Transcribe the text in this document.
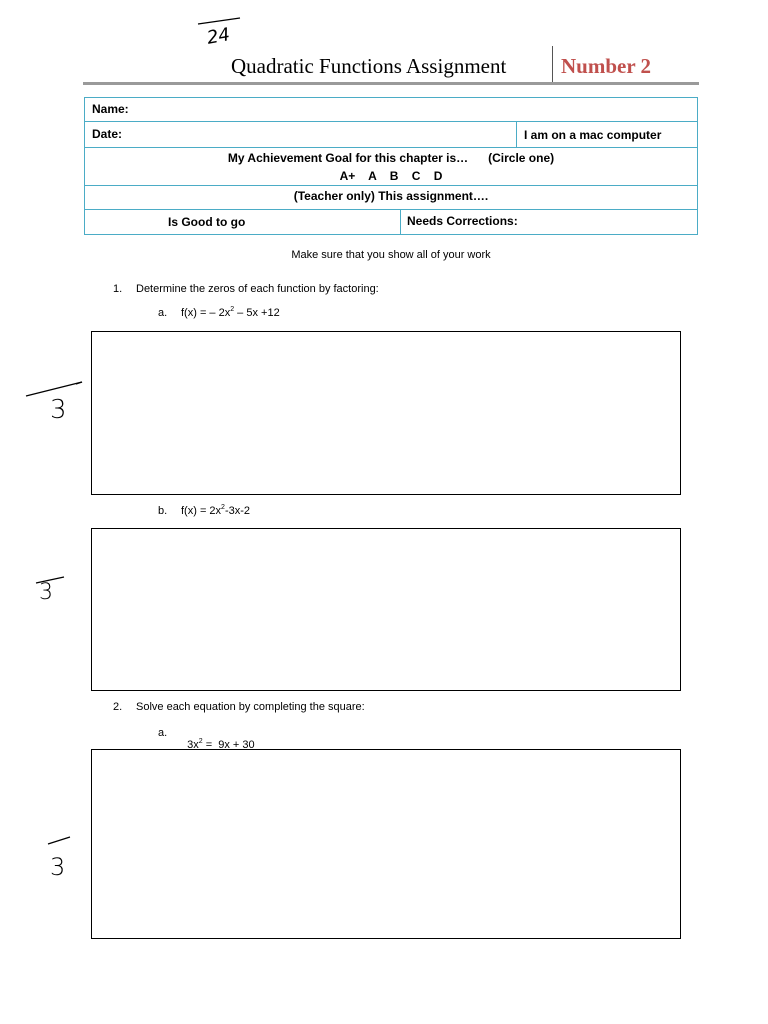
24
Quadratic Functions Assignment	Number 2
Name:
Date:	I am on a mac computer
My Achievement Goal for this chapter is…      (Circle one)
A+    A    B    C    D
(Teacher only) This assignment….
Is Good to go	Needs Corrections:
Make sure that you show all of your work
1. Determine the zeros of each function by factoring:
a. f(x) = – $2x^2 - 5x +12$
b. $f(x) = 2x^2-3x-2$
2. Solve each equation by completing the square:
a.

$3x^2 = 9x + 30$

3
3
3
